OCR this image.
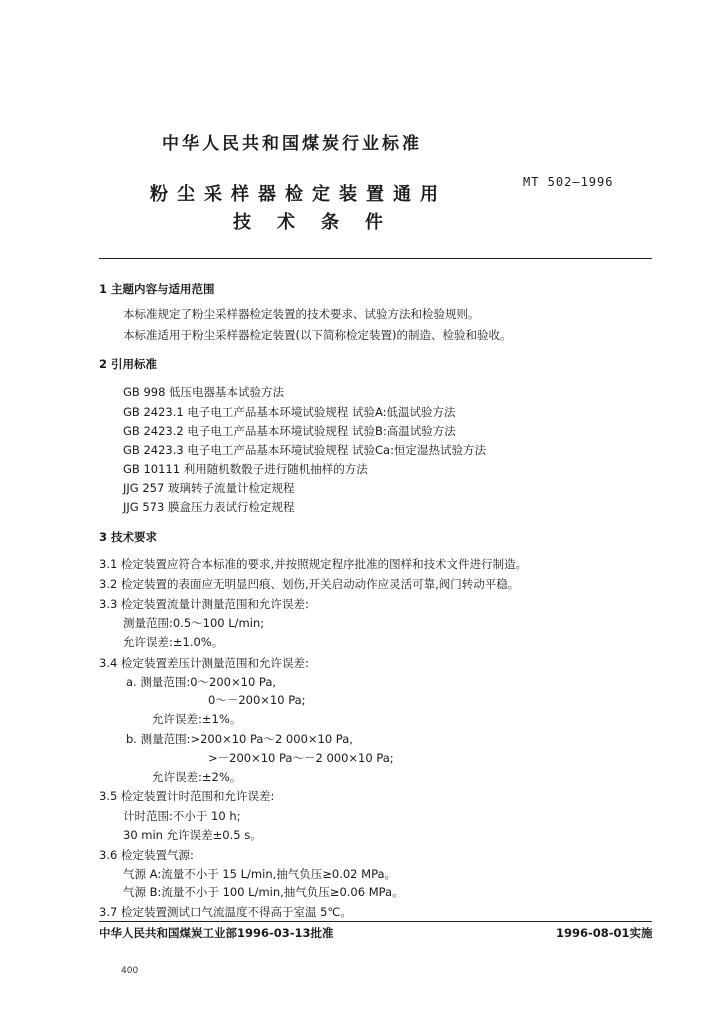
中华人民共和国煤炭行业标准
粉尘采样器检定装置通用
技术条件
MT 502—1996
1 主题内容与适用范围
本标准规定了粉尘采样器检定装置的技术要求、试验方法和检验规则。
本标准适用于粉尘采样器检定装置(以下简称检定装置)的制造、检验和验收。
2 引用标准
GB 998 低压电器基本试验方法
GB 2423.1 电子电工产品基本环境试验规程 试验A:低温试验方法
GB 2423.2 电子电工产品基本环境试验规程 试验B:高温试验方法
GB 2423.3 电子电工产品基本环境试验规程 试验Ca:恒定湿热试验方法
GB 10111 利用随机数骰子进行随机抽样的方法
JJG 257 玻璃转子流量计检定规程
JJG 573 膜盒压力表试行检定规程
3 技术要求
3.1 检定装置应符合本标准的要求,并按照规定程序批准的图样和技术文件进行制造。
3.2 检定装置的表面应无明显凹痕、划伤,开关启动动作应灵活可靠,阀门转动平稳。
3.3 检定装置流量计测量范围和允许误差:
测量范围:0.5～100 L/min;
允许误差:±1.0%。
3.4 检定装置差压计测量范围和允许误差:
a. 测量范围:0～200×10 Pa,
0～－200×10 Pa;
允许误差:±1%。
b. 测量范围:>200×10 Pa～2 000×10 Pa,
>－200×10 Pa～－2 000×10 Pa;
允许误差:±2%。
3.5 检定装置计时范围和允许误差:
计时范围:不小于 10 h;
30 min 允许误差±0.5 s。
3.6 检定装置气源:
气源 A:流量不小于 15 L/min,抽气负压≥0.02 MPa。
气源 B:流量不小于 100 L/min,抽气负压≥0.06 MPa。
3.7 检定装置测试口气流温度不得高于室温 5℃。
中华人民共和国煤炭工业部1996-03-13批准	1996-08-01实施
400
